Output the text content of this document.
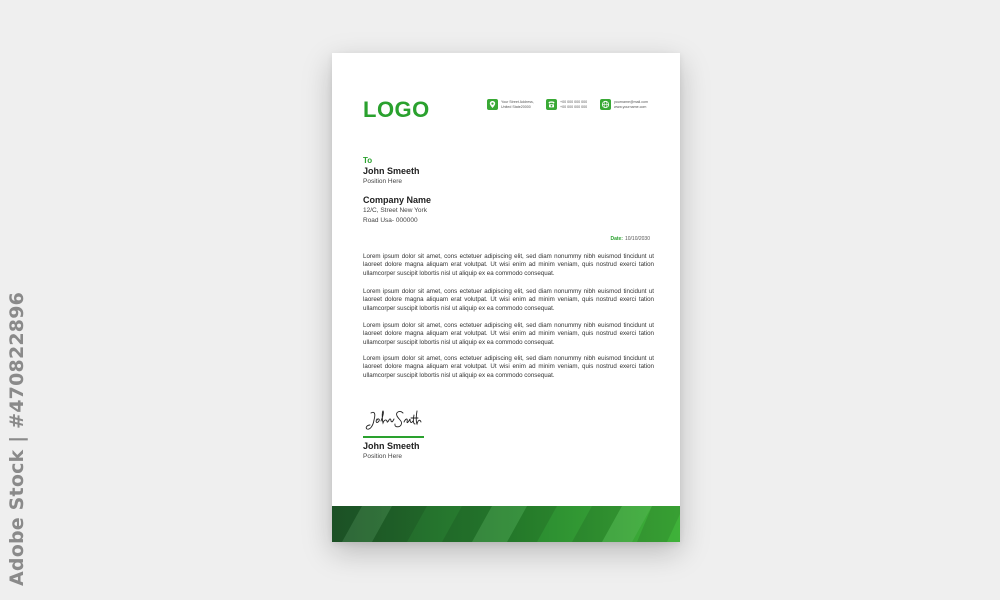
Adobe Stock | #470822896
LOGO	Your Street Address,
United State20000
+00 000 000 000
+00 000 000 000
yourname@mail.com
www.yourname.com
To
John Smeeth
Position Here
Company Name
12/C, Street New York
Road Usa- 000000
Date: 10/10/2030
Lorem ipsum dolor sit amet, cons ectetuer adipiscing elit, sed diam nonummy nibh euismod tincidunt ut laoreet dolore magna aliquam erat volutpat. Ut wisi enim ad minim veniam, quis nostrud exerci tation ullamcorper suscipit lobortis nisl ut aliquip ex ea commodo consequat.
Lorem ipsum dolor sit amet, cons ectetuer adipiscing elit, sed diam nonummy nibh euismod tincidunt ut laoreet dolore magna aliquam erat volutpat. Ut wisi enim ad minim veniam, quis nostrud exerci tation ullamcorper suscipit lobortis nisl ut aliquip ex ea commodo consequat.
Lorem ipsum dolor sit amet, cons ectetuer adipiscing elit, sed diam nonummy nibh euismod tincidunt ut laoreet dolore magna aliquam erat volutpat. Ut wisi enim ad minim veniam, quis nostrud exerci tation ullamcorper suscipit lobortis nisl ut aliquip ex ea commodo consequat.
Lorem ipsum dolor sit amet, cons ectetuer adipiscing elit, sed diam nonummy nibh euismod tincidunt ut laoreet dolore magna aliquam erat volutpat. Ut wisi enim ad minim veniam, quis nostrud exerci tation ullamcorper suscipit lobortis nisl ut aliquip ex ea commodo consequat.
John Smeeth
Position Here
